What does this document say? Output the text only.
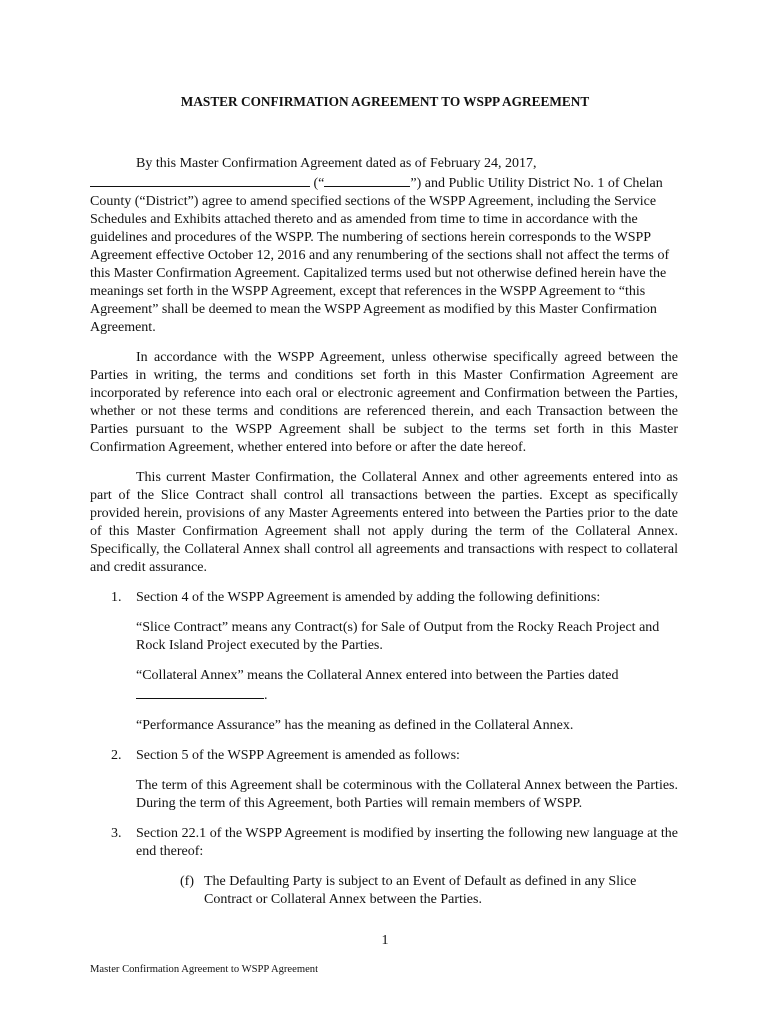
MASTER CONFIRMATION AGREEMENT TO WSPP AGREEMENT

By this Master Confirmation Agreement dated as of February 24, 2017,
(“	”) and Public Utility District No. 1 of Chelan County (“District”) agree to amend specified sections of the WSPP Agreement, including the Service Schedules and Exhibits attached thereto and as amended from time to time in accordance with the guidelines and procedures of the WSPP. The numbering of sections herein corresponds to the WSPP Agreement effective October 12, 2016 and any renumbering of the sections shall not affect the terms of this Master Confirmation Agreement. Capitalized terms used but not otherwise defined herein have the meanings set forth in the WSPP Agreement, except that references in the WSPP Agreement to “this Agreement” shall be deemed to mean the WSPP Agreement as modified by this Master Confirmation Agreement.

In accordance with the WSPP Agreement, unless otherwise specifically agreed between the Parties in writing, the terms and conditions set forth in this Master Confirmation Agreement are incorporated by reference into each oral or electronic agreement and Confirmation between the Parties, whether or not these terms and conditions are referenced therein, and each Transaction between the Parties pursuant to the WSPP Agreement shall be subject to the terms set forth in this Master Confirmation Agreement, whether entered into before or after the date hereof.

This current Master Confirmation, the Collateral Annex and other agreements entered into as part of the Slice Contract shall control all transactions between the parties. Except as specifically provided herein, provisions of any Master Agreements entered into between the Parties prior to the date of this Master Confirmation Agreement shall not apply during the term of the Collateral Annex. Specifically, the Collateral Annex shall control all agreements and transactions with respect to collateral and credit assurance.

1. Section 4 of the WSPP Agreement is amended by adding the following definitions:

“Slice Contract” means any Contract(s) for Sale of Output from the Rocky Reach Project and Rock Island Project executed by the Parties.

“Collateral Annex” means the Collateral Annex entered into between the Parties dated
.

“Performance Assurance” has the meaning as defined in the Collateral Annex.

2. Section 5 of the WSPP Agreement is amended as follows:

The term of this Agreement shall be coterminous with the Collateral Annex between the Parties. During the term of this Agreement, both Parties will remain members of WSPP.

3. Section 22.1 of the WSPP Agreement is modified by inserting the following new language at the end thereof:

(f) The Defaulting Party is subject to an Event of Default as defined in any Slice Contract or Collateral Annex between the Parties.

1
Master Confirmation Agreement to WSPP Agreement
